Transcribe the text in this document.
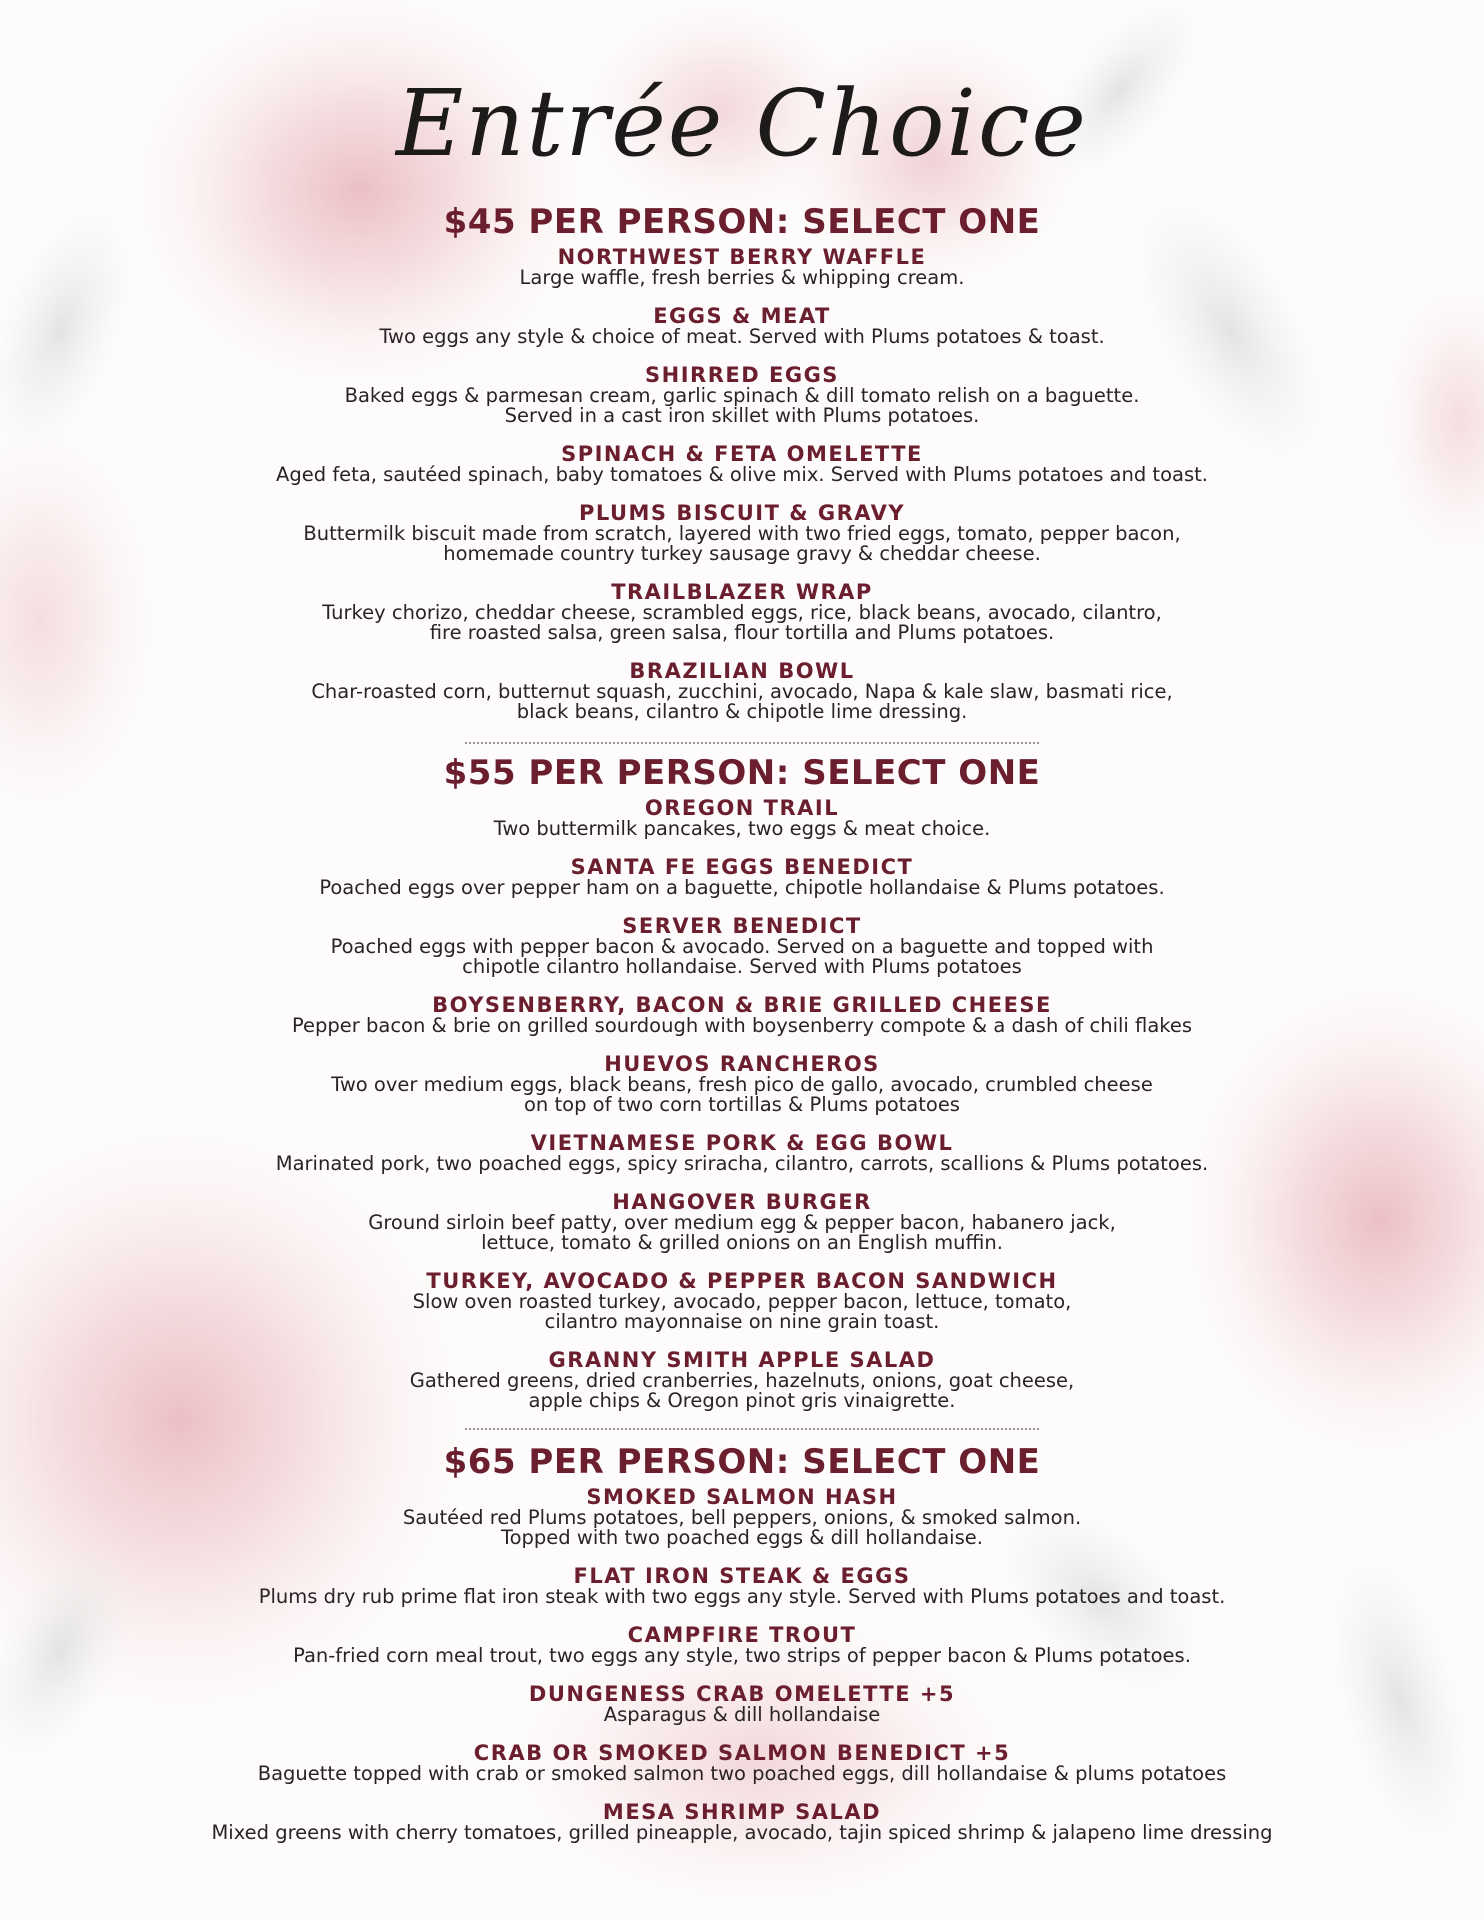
Entrée Choice
$45 PER PERSON: SELECT ONE
NORTHWEST BERRY WAFFLE
Large waffle, fresh berries & whipping cream.
EGGS & MEAT
Two eggs any style & choice of meat. Served with Plums potatoes & toast.
SHIRRED EGGS
Baked eggs & parmesan cream, garlic spinach & dill tomato relish on a baguette.
Served in a cast iron skillet with Plums potatoes.
SPINACH & FETA OMELETTE
Aged feta, sautéed spinach, baby tomatoes & olive mix. Served with Plums potatoes and toast.
PLUMS BISCUIT & GRAVY
Buttermilk biscuit made from scratch, layered with two fried eggs, tomato, pepper bacon,
homemade country turkey sausage gravy & cheddar cheese.
TRAILBLAZER WRAP
Turkey chorizo, cheddar cheese, scrambled eggs, rice, black beans, avocado, cilantro,
fire roasted salsa, green salsa, flour tortilla and Plums potatoes.
BRAZILIAN BOWL
Char-roasted corn, butternut squash, zucchini, avocado, Napa & kale slaw, basmati rice,
black beans, cilantro & chipotle lime dressing.
$55 PER PERSON: SELECT ONE
OREGON TRAIL
Two buttermilk pancakes, two eggs & meat choice.
SANTA FE EGGS BENEDICT
Poached eggs over pepper ham on a baguette, chipotle hollandaise & Plums potatoes.
SERVER BENEDICT
Poached eggs with pepper bacon & avocado. Served on a baguette and topped with
chipotle cilantro hollandaise. Served with Plums potatoes
BOYSENBERRY, BACON & BRIE GRILLED CHEESE
Pepper bacon & brie on grilled sourdough with boysenberry compote & a dash of chili flakes
HUEVOS RANCHEROS
Two over medium eggs, black beans, fresh pico de gallo, avocado, crumbled cheese
on top of two corn tortillas & Plums potatoes
VIETNAMESE PORK & EGG BOWL
Marinated pork, two poached eggs, spicy sriracha, cilantro, carrots, scallions & Plums potatoes.
HANGOVER BURGER
Ground sirloin beef patty, over medium egg & pepper bacon, habanero jack,
lettuce, tomato & grilled onions on an English muffin.
TURKEY, AVOCADO & PEPPER BACON SANDWICH
Slow oven roasted turkey, avocado, pepper bacon, lettuce, tomato,
cilantro mayonnaise on nine grain toast.
GRANNY SMITH APPLE SALAD
Gathered greens, dried cranberries, hazelnuts, onions, goat cheese,
apple chips & Oregon pinot gris vinaigrette.
$65 PER PERSON: SELECT ONE
SMOKED SALMON HASH
Sautéed red Plums potatoes, bell peppers, onions, & smoked salmon.
Topped with two poached eggs & dill hollandaise.
FLAT IRON STEAK & EGGS
Plums dry rub prime flat iron steak with two eggs any style. Served with Plums potatoes and toast.
CAMPFIRE TROUT
Pan-fried corn meal trout, two eggs any style, two strips of pepper bacon & Plums potatoes.
DUNGENESS CRAB OMELETTE +5
Asparagus & dill hollandaise
CRAB OR SMOKED SALMON BENEDICT +5
Baguette topped with crab or smoked salmon two poached eggs, dill hollandaise & plums potatoes
MESA SHRIMP SALAD
Mixed greens with cherry tomatoes, grilled pineapple, avocado, tajin spiced shrimp & jalapeno lime dressing
